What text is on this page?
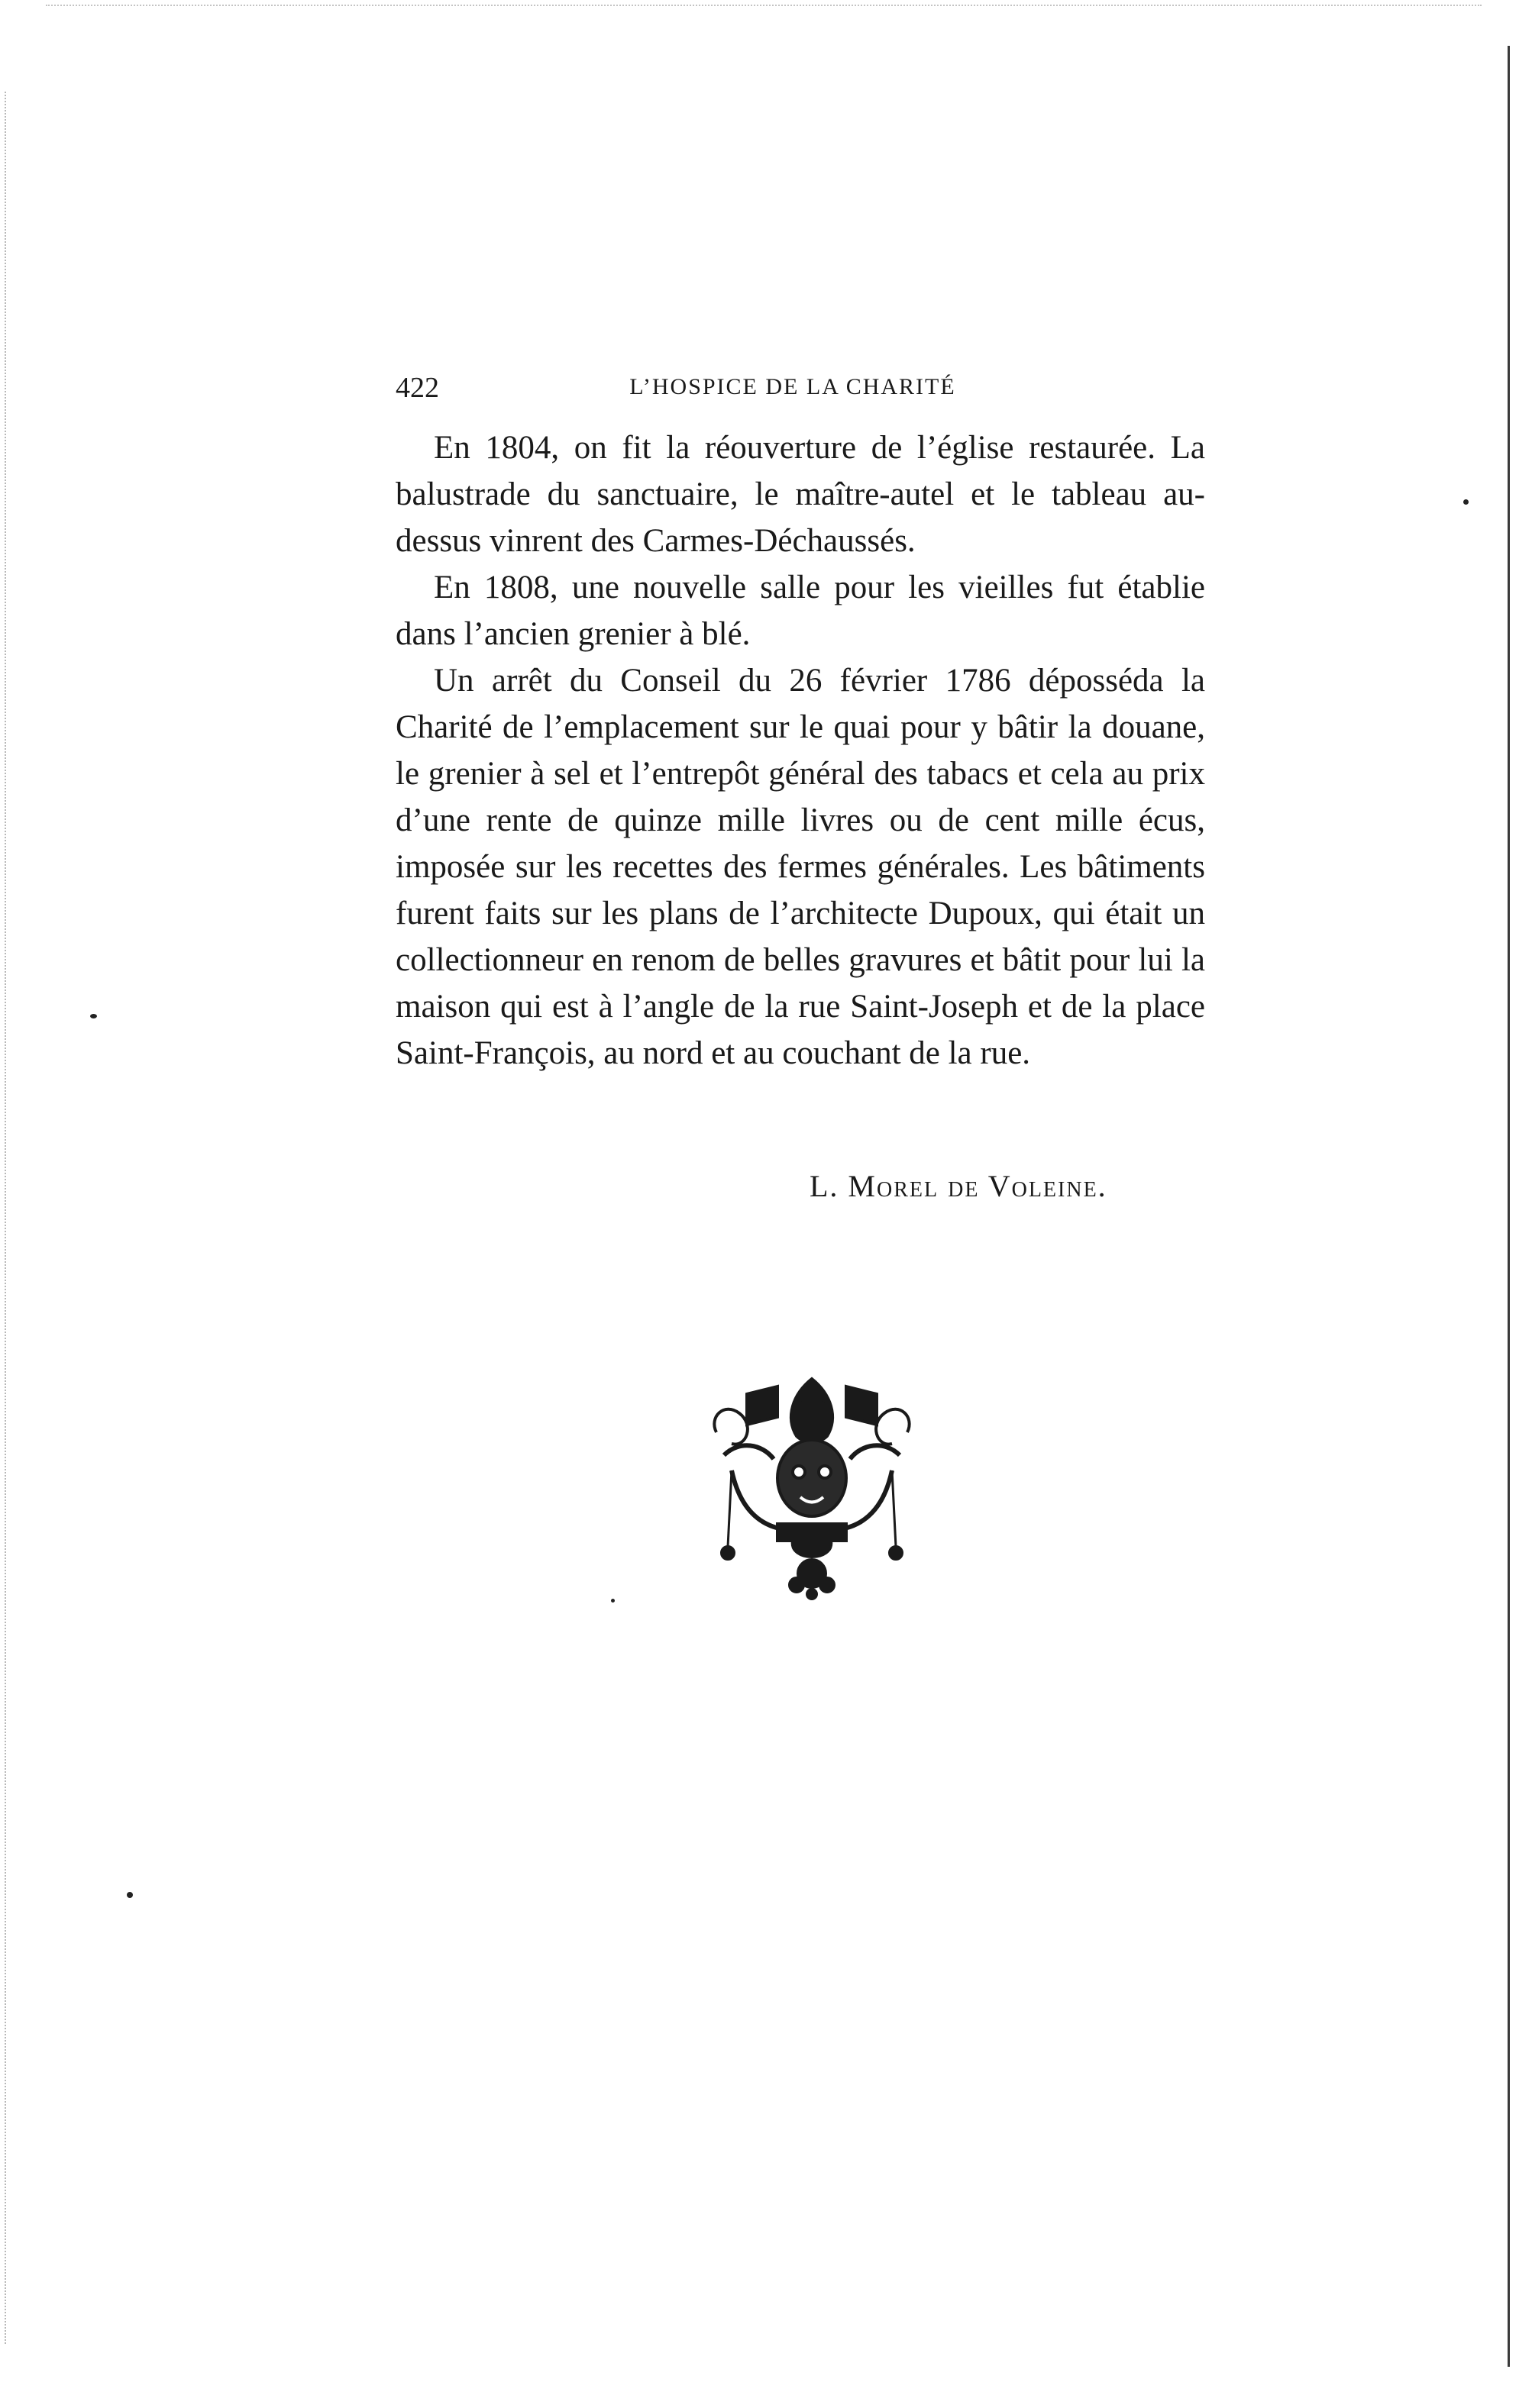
422	L’HOSPICE DE LA CHARITÉ

En 1804, on fit la réouverture de l’église restaurée. La balustrade du sanctuaire, le maître-autel et le tableau au-dessus vinrent des Carmes-Déchaussés.

En 1808, une nouvelle salle pour les vieilles fut établie dans l’ancien grenier à blé.

Un arrêt du Conseil du 26 février 1786 déposséda la Charité de l’emplacement sur le quai pour y bâtir la douane, le grenier à sel et l’entrepôt général des tabacs et cela au prix d’une rente de quinze mille livres ou de cent mille écus, imposée sur les recettes des fermes générales. Les bâtiments furent faits sur les plans de l’architecte Dupoux, qui était un collectionneur en renom de belles gravures et bâtit pour lui la maison qui est à l’angle de la rue Saint-Joseph et de la place Saint-François, au nord et au couchant de la rue.

L. Morel de Voleine.
